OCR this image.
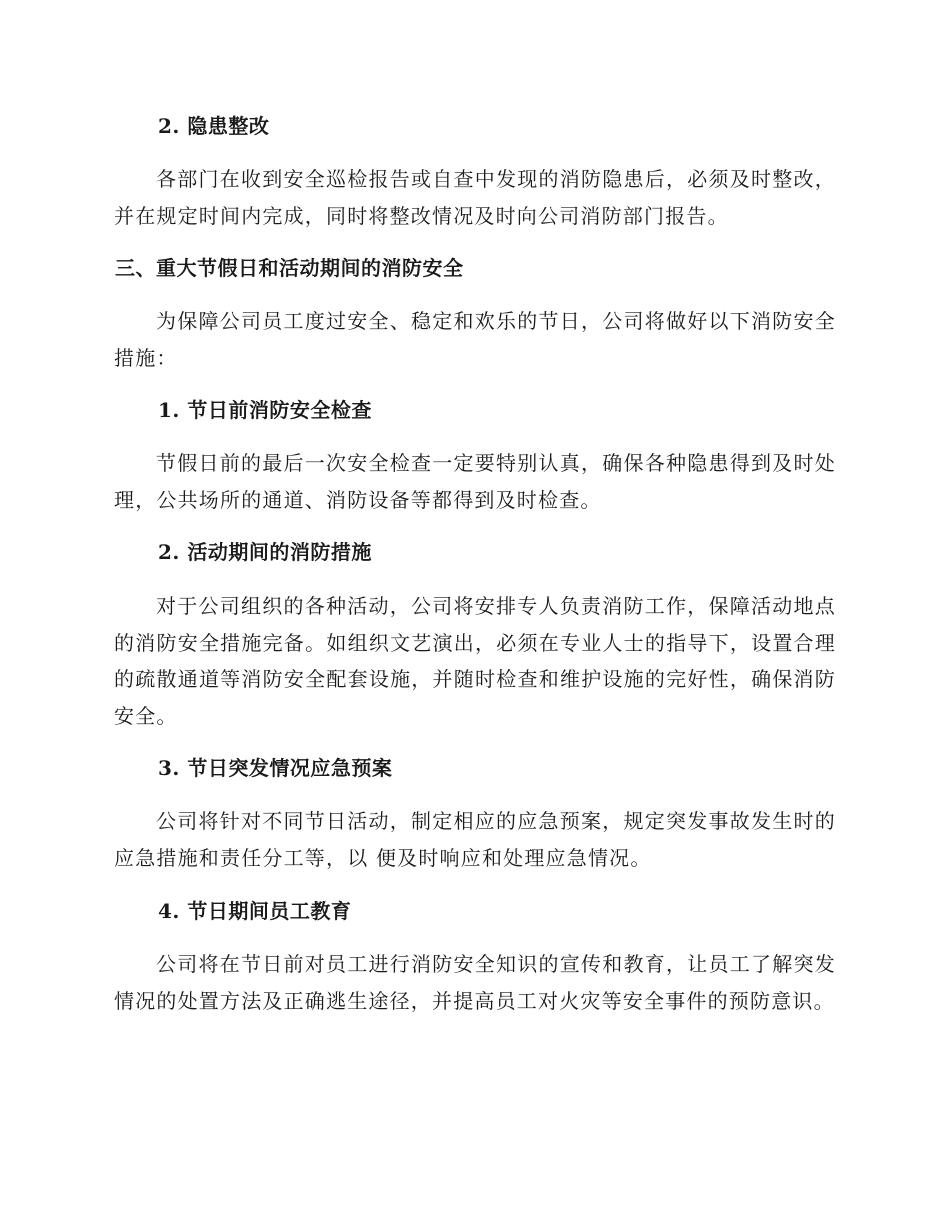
2. 隐患整改
各部门在收到安全巡检报告或自查中发现的消防隐患后，必须及时整改，并在规定时间内完成，同时将整改情况及时向公司消防部门报告。
三、重大节假日和活动期间的消防安全
为保障公司员工度过安全、稳定和欢乐的节日，公司将做好以下消防安全措施：
1. 节日前消防安全检查
节假日前的最后一次安全检查一定要特别认真，确保各种隐患得到及时处理，公共场所的通道、消防设备等都得到及时检查。
2. 活动期间的消防措施
对于公司组织的各种活动，公司将安排专人负责消防工作，保障活动地点的消防安全措施完备。如组织文艺演出，必须在专业人士的指导下，设置合理的疏散通道等消防安全配套设施，并随时检查和维护设施的完好性，确保消防安全。
3. 节日突发情况应急预案
公司将针对不同节日活动，制定相应的应急预案，规定突发事故发生时的应急措施和责任分工等，以 便及时响应和处理应急情况。
4. 节日期间员工教育
公司将在节日前对员工进行消防安全知识的宣传和教育，让员工了解突发情况的处置方法及正确逃生途径，并提高员工对火灾等安全事件的预防意识。
